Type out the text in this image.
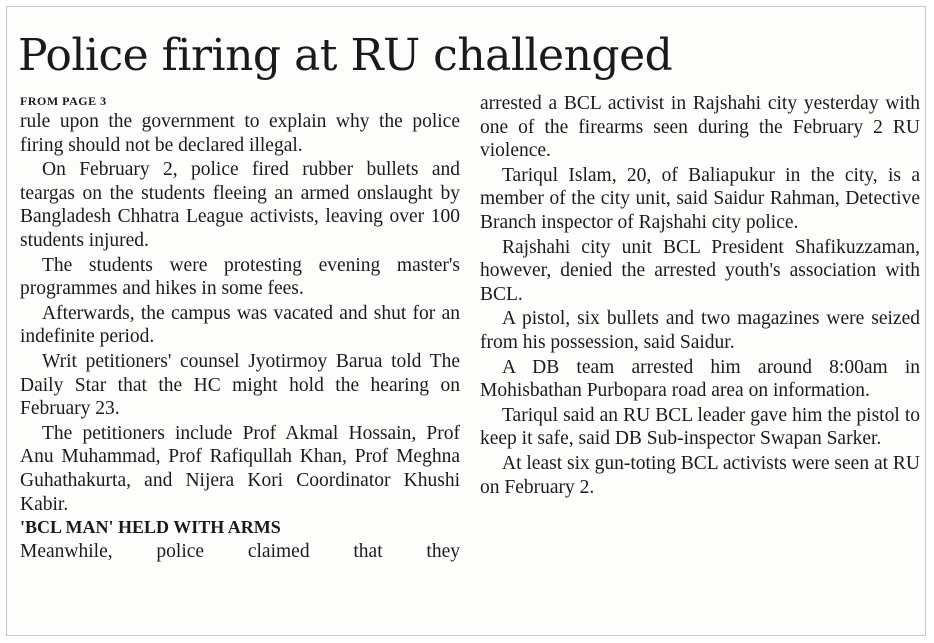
Police firing at RU challenged

FROM PAGE 3

rule upon the government to explain why the police firing should not be declared illegal.

On February 2, police fired rubber bullets and teargas on the students fleeing an armed onslaught by Bangladesh Chhatra League activists, leaving over 100 students injured.

The students were protesting evening master's programmes and hikes in some fees.

Afterwards, the campus was vacated and shut for an indefinite period.

Writ petitioners' counsel Jyotirmoy Barua told The Daily Star that the HC might hold the hearing on February 23.

The petitioners include Prof Akmal Hossain, Prof Anu Muhammad, Prof Rafiqullah Khan, Prof Meghna Guhathakurta, and Nijera Kori Coordinator Khushi Kabir.

'BCL MAN' HELD WITH ARMS

Meanwhile, police claimed that they

arrested a BCL activist in Rajshahi city yesterday with one of the firearms seen during the February 2 RU violence.

Tariqul Islam, 20, of Baliapukur in the city, is a member of the city unit, said Saidur Rahman, Detective Branch inspector of Rajshahi city police.

Rajshahi city unit BCL President Shafikuzzaman, however, denied the arrested youth's association with BCL.

A pistol, six bullets and two magazines were seized from his possession, said Saidur.

A DB team arrested him around 8:00am in Mohisbathan Purbopara road area on information.

Tariqul said an RU BCL leader gave him the pistol to keep it safe, said DB Sub-inspector Swapan Sarker.

At least six gun-toting BCL activists were seen at RU on February 2.
